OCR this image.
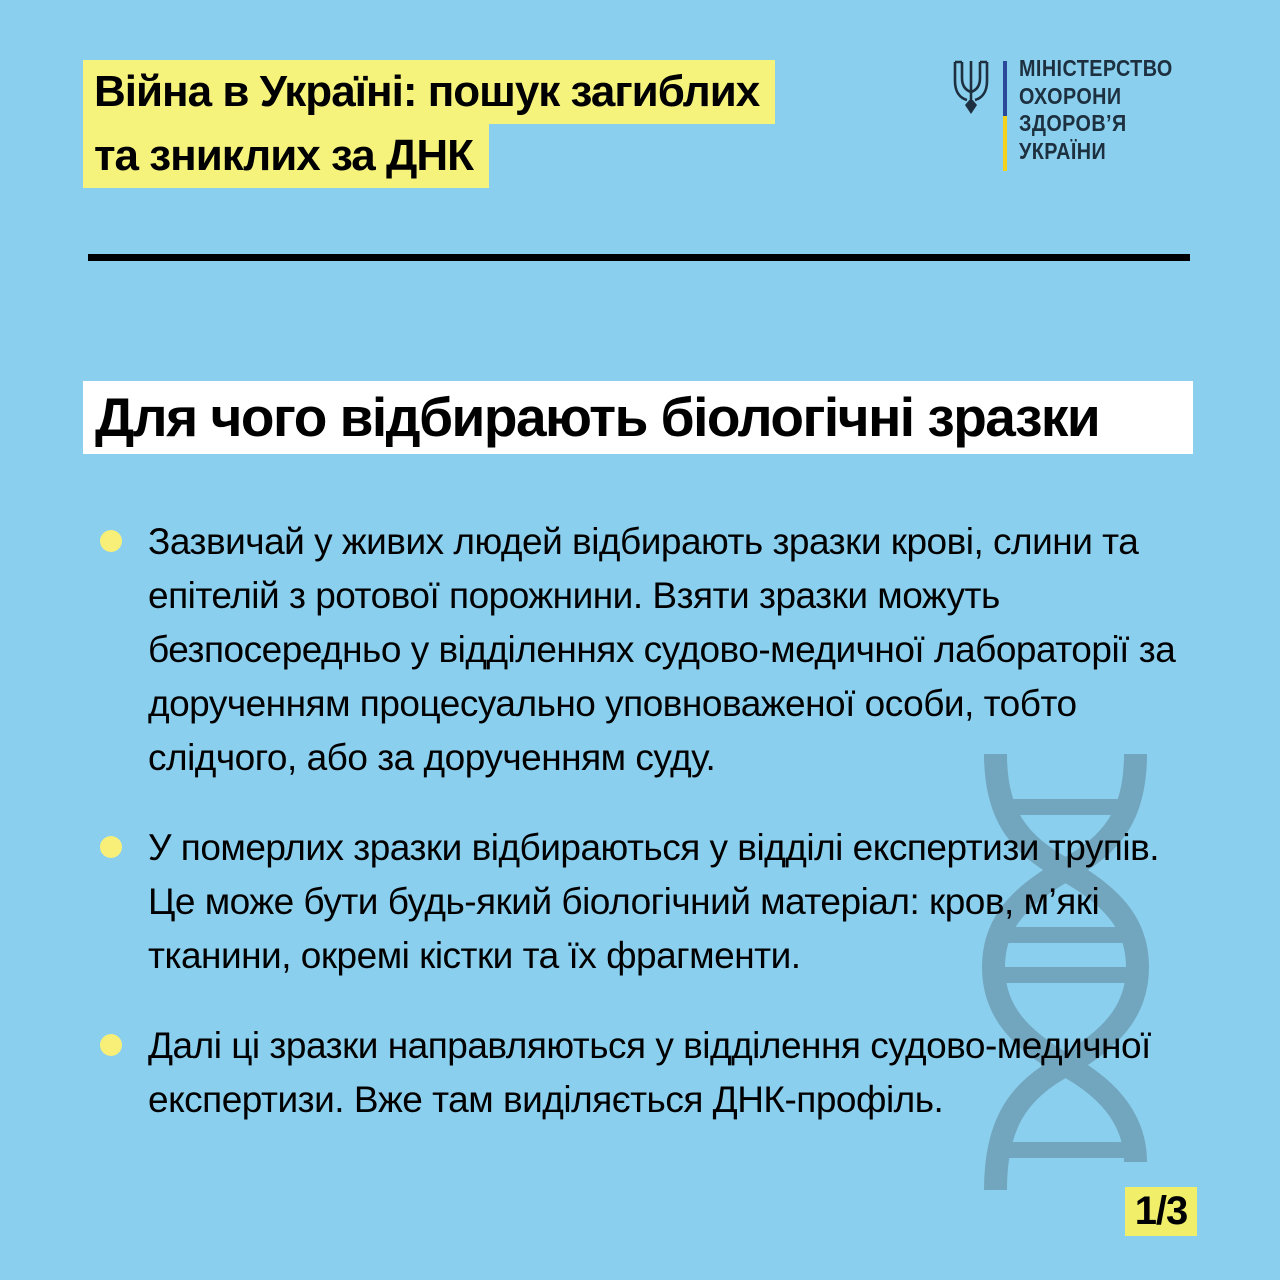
Війна в Україні: пошук загиблих
та зниклих за ДНК
МІНІСТЕРСТВО
ОХОРОНИ
ЗДОРОВ’Я
УКРАЇНИ
Для чого відбирають біологічні зразки
Зазвичай у живих людей відбирають зразки крові, слини та епітелій з ротової порожнини. Взяти зразки можуть безпосередньо у відділеннях судово-медичної лабораторії за дорученням процесуально уповноваженої особи, тобто слідчого, або за дорученням суду.
У померлих зразки відбираються у відділі експертизи трупів. Це може бути будь-який біологічний матеріал: кров, м’які тканини, окремі кістки та їх фрагменти.
Далі ці зразки направляються у відділення судово-медичної експертизи. Вже там виділяється ДНК-профіль.
1/3
